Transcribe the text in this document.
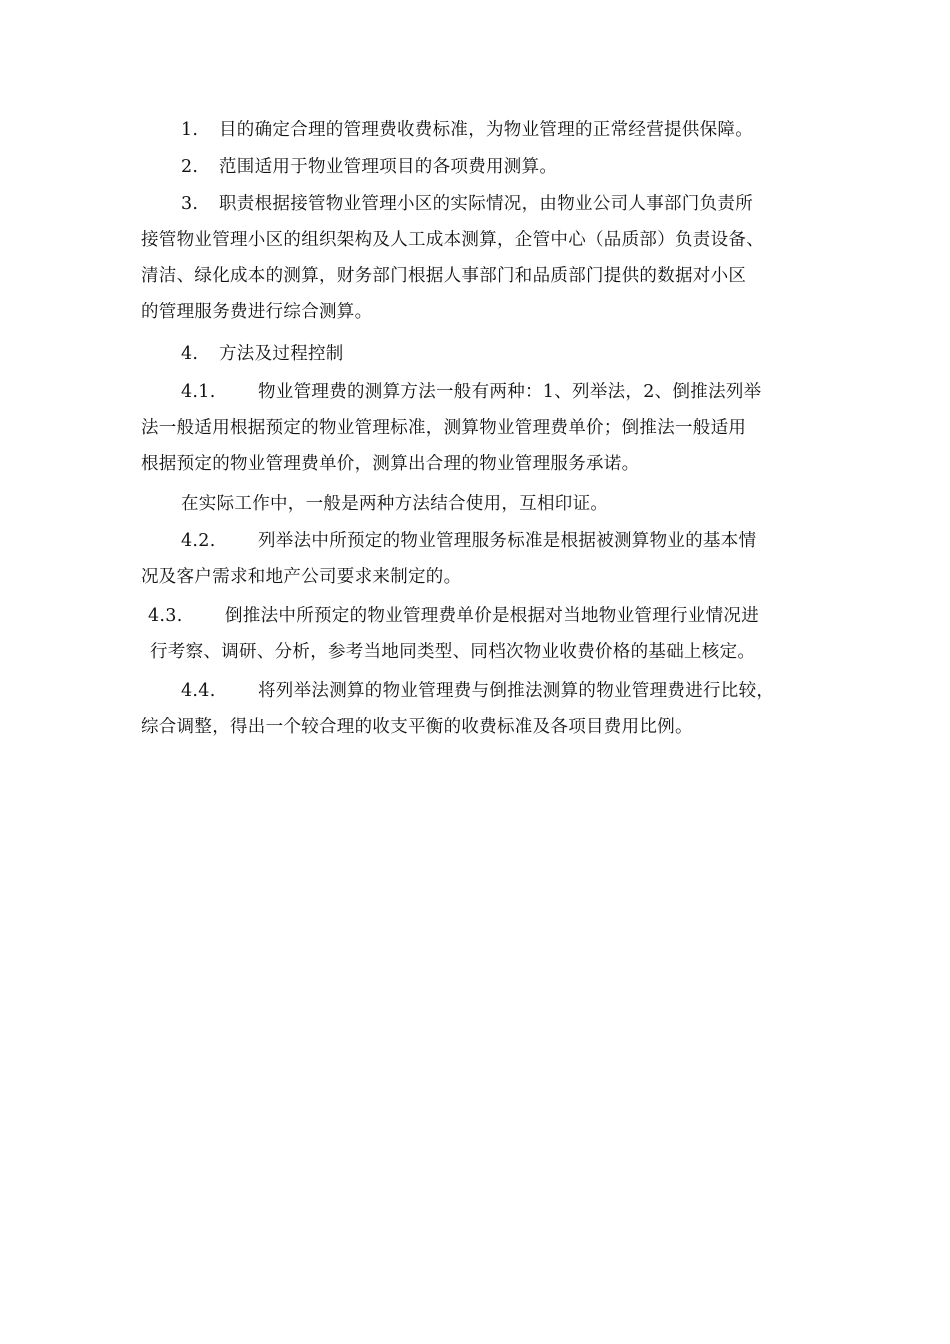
1. 目的确定合理的管理费收费标准，为物业管理的正常经营提供保障。
2. 范围适用于物业管理项目的各项费用测算。
3. 职责根据接管物业管理小区的实际情况，由物业公司人事部门负责所
接管物业管理小区的组织架构及人工成本测算，企管中心（品质部）负责设备、
清洁、绿化成本的测算，财务部门根据人事部门和品质部门提供的数据对小区
的管理服务费进行综合测算。
4. 方法及过程控制
4.1. 物业管理费的测算方法一般有两种：1、列举法，2、倒推法列举
法一般适用根据预定的物业管理标准，测算物业管理费单价；倒推法一般适用
根据预定的物业管理费单价，测算出合理的物业管理服务承诺。
在实际工作中，一般是两种方法结合使用，互相印证。
4.2. 列举法中所预定的物业管理服务标准是根据被测算物业的基本情
况及客户需求和地产公司要求来制定的。
4.3. 倒推法中所预定的物业管理费单价是根据对当地物业管理行业情况进
行考察、调研、分析，参考当地同类型、同档次物业收费价格的基础上核定。
4.4. 将列举法测算的物业管理费与倒推法测算的物业管理费进行比较，
综合调整，得出一个较合理的收支平衡的收费标准及各项目费用比例。
